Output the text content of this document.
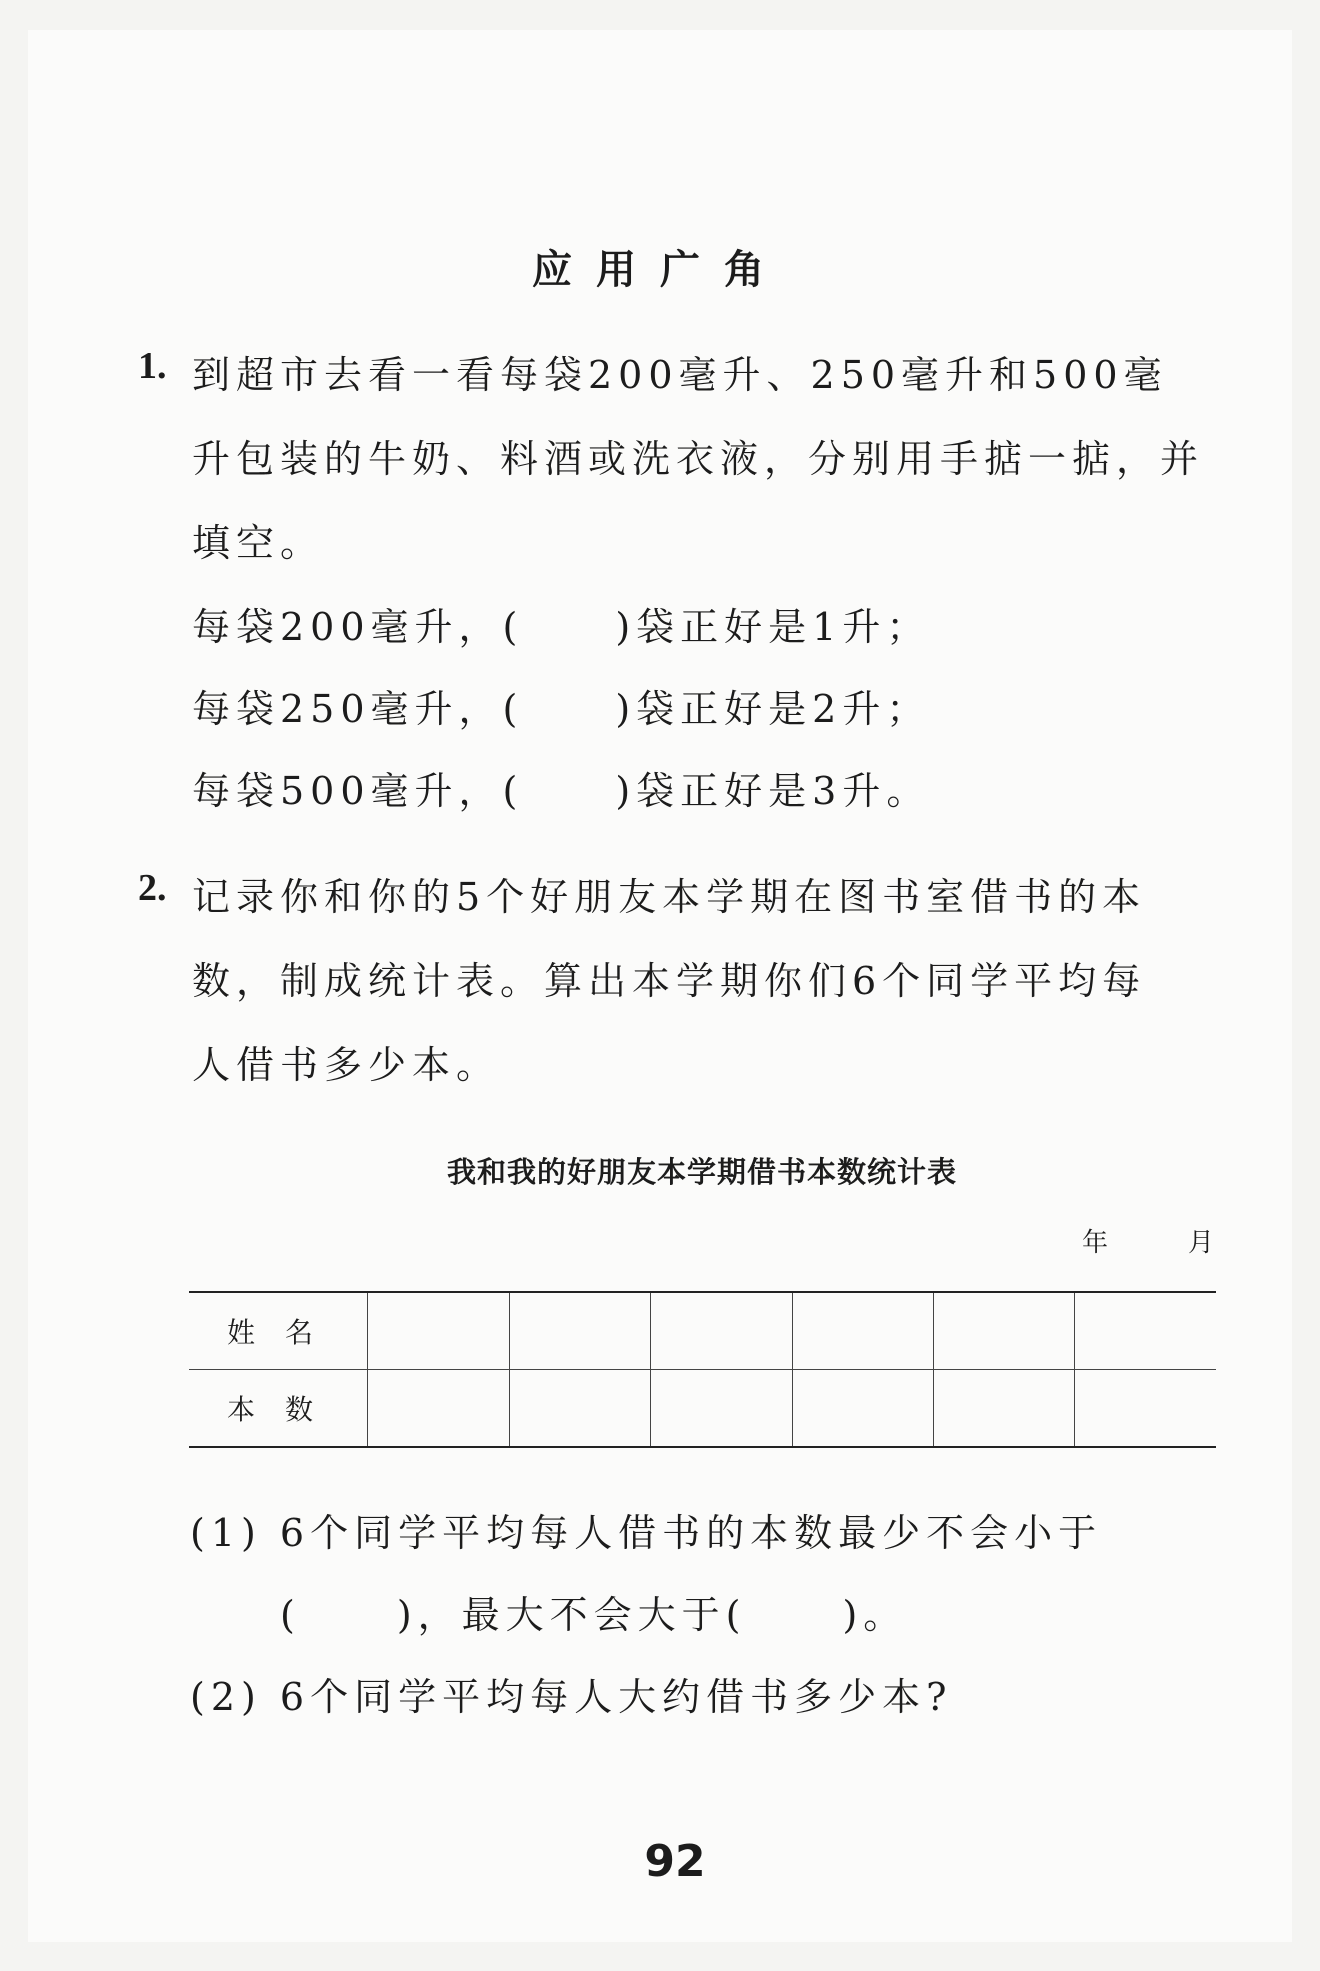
应用广角
1. 到超市去看一看每袋200毫升、250毫升和500毫
升包装的牛奶、料酒或洗衣液，分别用手掂一掂，并
填空。
每袋200毫升，( )袋正好是1升；
每袋250毫升，( )袋正好是2升；
每袋500毫升，( )袋正好是3升。
2. 记录你和你的5个好朋友本学期在图书室借书的本
数，制成统计表。算出本学期你们6个同学平均每
人借书多少本。
我和我的好朋友本学期借书本数统计表
年	月
姓名						
本数						
(1) 6个同学平均每人借书的本数最少不会小于
(	)，最大不会大于(	)。
(2) 6个同学平均每人大约借书多少本?
92
